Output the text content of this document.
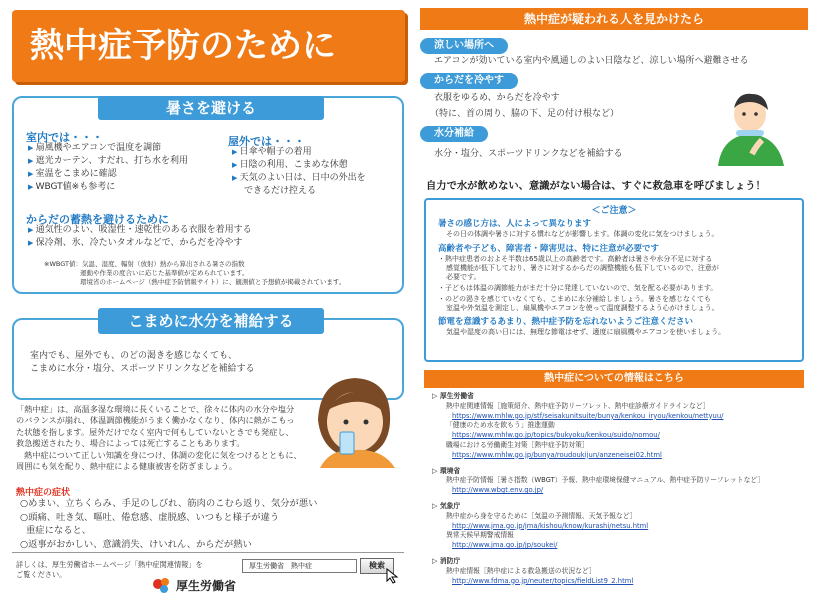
熱中症予防のために
暑さを避ける
室内では・・・
▶ 扇風機やエアコンで温度を調節
▶ 遮光カーテン、すだれ、打ち水を利用
▶ 室温をこまめに確認
▶ WBGT値※も参考に
屋外では・・・
▶ 日傘や帽子の着用
▶ 日陰の利用、こまめな休憩
▶ 天気のよい日は、日中の外出を
できるだけ控える
からだの蓄熱を避けるために
▶ 通気性のよい、吸湿性・速乾性のある衣服を着用する
▶ 保冷剤、氷、冷たいタオルなどで、からだを冷やす
※WBGT値：気温、湿度、輻射（放射）熱から算出される暑さの指数
運動や作業の度合いに応じた基準値が定められています。
環境省のホームページ（熱中症予防情報サイト）に、観測値と予想値が掲載されています。
こまめに水分を補給する
室内でも、屋外でも、のどの渇きを感じなくても、
こまめに水分・塩分、スポーツドリンクなどを補給する
「熱中症」は、高温多湿な環境に長くいることで、徐々に体内の水分や塩分
のバランスが崩れ、体温調節機能がうまく働かなくなり、体内に熱がこもっ
た状態を指します。屋外だけでなく室内で何もしていないときでも発症し、
救急搬送されたり、場合によっては死亡することもあります。
熱中症について正しい知識を身につけ、体調の変化に気をつけるとともに、
周囲にも気を配り、熱中症による健康被害を防ぎましょう。
熱中症の症状
○めまい、立ちくらみ、手足のしびれ、筋肉のこむら返り、気分が悪い
○頭痛、吐き気、嘔吐、倦怠感、虚脱感、いつもと様子が違う
重症になると、
○返事がおかしい、意識消失、けいれん、からだが熱い
詳しくは、厚生労働省ホームページ「熱中症関連情報」を
ご覧ください。
厚生労働省　熱中症	検索
厚生労働省
熱中症が疑われる人を見かけたら
涼しい場所へ
エアコンが効いている室内や風通しのよい日陰など、涼しい場所へ避難させる
からだを冷やす
衣服をゆるめ、からだを冷やす
（特に、首の周り、脇の下、足の付け根など）
水分補給
水分・塩分、スポーツドリンクなどを補給する
自力で水が飲めない、意識がない場合は、すぐに救急車を呼びましょう！
＜ご注意＞
暑さの感じ方は、人によって異なります
その日の体調や暑さに対する慣れなどが影響します。体調の変化に気をつけましょう。
高齢者や子ども、障害者・障害児は、特に注意が必要です
・熱中症患者のおよそ半数は65歳以上の高齢者です。高齢者は暑さや水分不足に対する
感覚機能が低下しており、暑さに対するからだの調整機能も低下しているので、注意が
必要です。
・子どもは体温の調節能力がまだ十分に発達していないので、気を配る必要があります。
・のどの渇きを感じていなくても、こまめに水分補給しましょう。暑さを感じなくても
室温や外気温を測定し、扇風機やエアコンを使って温度調整するよう心がけましょう。
節電を意識するあまり、熱中症予防を忘れないようご注意ください
気温や湿度の高い日には、無理な節電はせず、適度に扇風機やエアコンを使いましょう。
熱中症についての情報はこちら
▷ 厚生労働省
熱中症関連情報［施策紹介、熱中症予防リーフレット、熱中症診療ガイドラインなど］
https://www.mhlw.go.jp/stf/seisakunitsuite/bunya/kenkou_iryou/kenkou/nettyuu/
「健康のため水を飲もう」推進運動
https://www.mhlw.go.jp/topics/bukyoku/kenkou/suido/nomou/
職場における労働衛生対策［熱中症予防対策］
https://www.mhlw.go.jp/bunya/roudoukijun/anzeneisei02.html
▷ 環境省
熱中症予防情報［暑さ指数（WBGT）予報、熱中症環境保健マニュアル、熱中症予防リーフレットなど］
http://www.wbgt.env.go.jp/
▷ 気象庁
熱中症から身を守るために［気温の予測情報、天気予報など］
http://www.jma.go.jp/jma/kishou/know/kurashi/netsu.html
異常天候早期警戒情報
http://www.jma.go.jp/jp/soukei/
▷ 消防庁
熱中症情報［熱中症による救急搬送の状況など］
http://www.fdma.go.jp/neuter/topics/fieldList9_2.html
